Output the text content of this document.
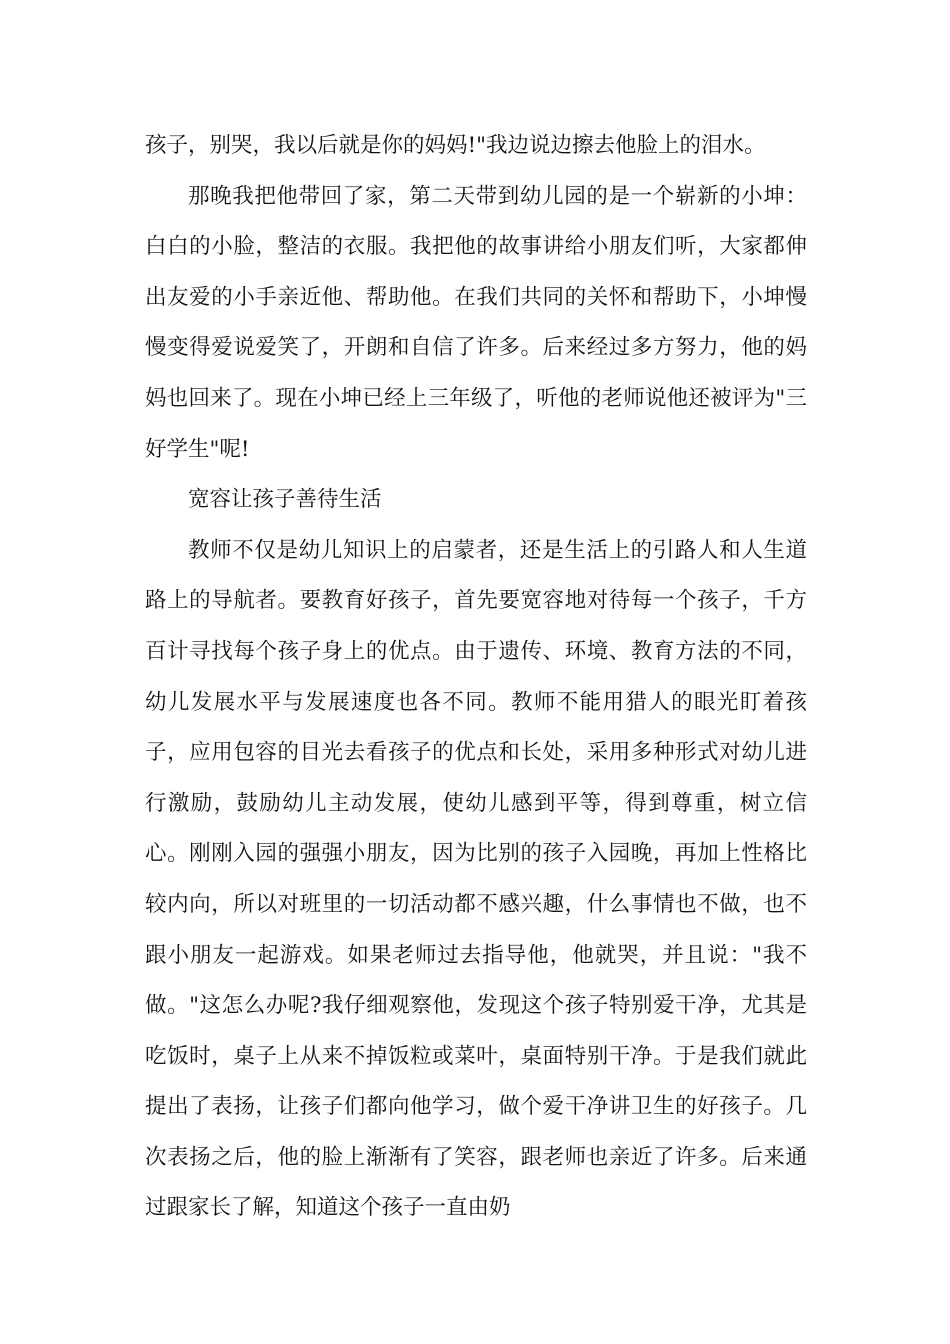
孩子，别哭，我以后就是你的妈妈!"我边说边擦去他脸上的泪水。

那晚我把他带回了家，第二天带到幼儿园的是一个崭新的小坤：白白的小脸，整洁的衣服。我把他的故事讲给小朋友们听，大家都伸出友爱的小手亲近他、帮助他。在我们共同的关怀和帮助下，小坤慢慢变得爱说爱笑了，开朗和自信了许多。后来经过多方努力，他的妈妈也回来了。现在小坤已经上三年级了，听他的老师说他还被评为"三好学生"呢!

宽容让孩子善待生活

教师不仅是幼儿知识上的启蒙者，还是生活上的引路人和人生道路上的导航者。要教育好孩子，首先要宽容地对待每一个孩子，千方百计寻找每个孩子身上的优点。由于遗传、环境、教育方法的不同，幼儿发展水平与发展速度也各不同。教师不能用猎人的眼光盯着孩子，应用包容的目光去看孩子的优点和长处，采用多种形式对幼儿进行激励，鼓励幼儿主动发展，使幼儿感到平等，得到尊重，树立信心。刚刚入园的强强小朋友，因为比别的孩子入园晚，再加上性格比较内向，所以对班里的一切活动都不感兴趣，什么事情也不做，也不跟小朋友一起游戏。如果老师过去指导他，他就哭，并且说："我不做。"这怎么办呢?我仔细观察他，发现这个孩子特别爱干净，尤其是吃饭时，桌子上从来不掉饭粒或菜叶，桌面特别干净。于是我们就此提出了表扬，让孩子们都向他学习，做个爱干净讲卫生的好孩子。几次表扬之后，他的脸上渐渐有了笑容，跟老师也亲近了许多。后来通过跟家长了解，知道这个孩子一直由奶
